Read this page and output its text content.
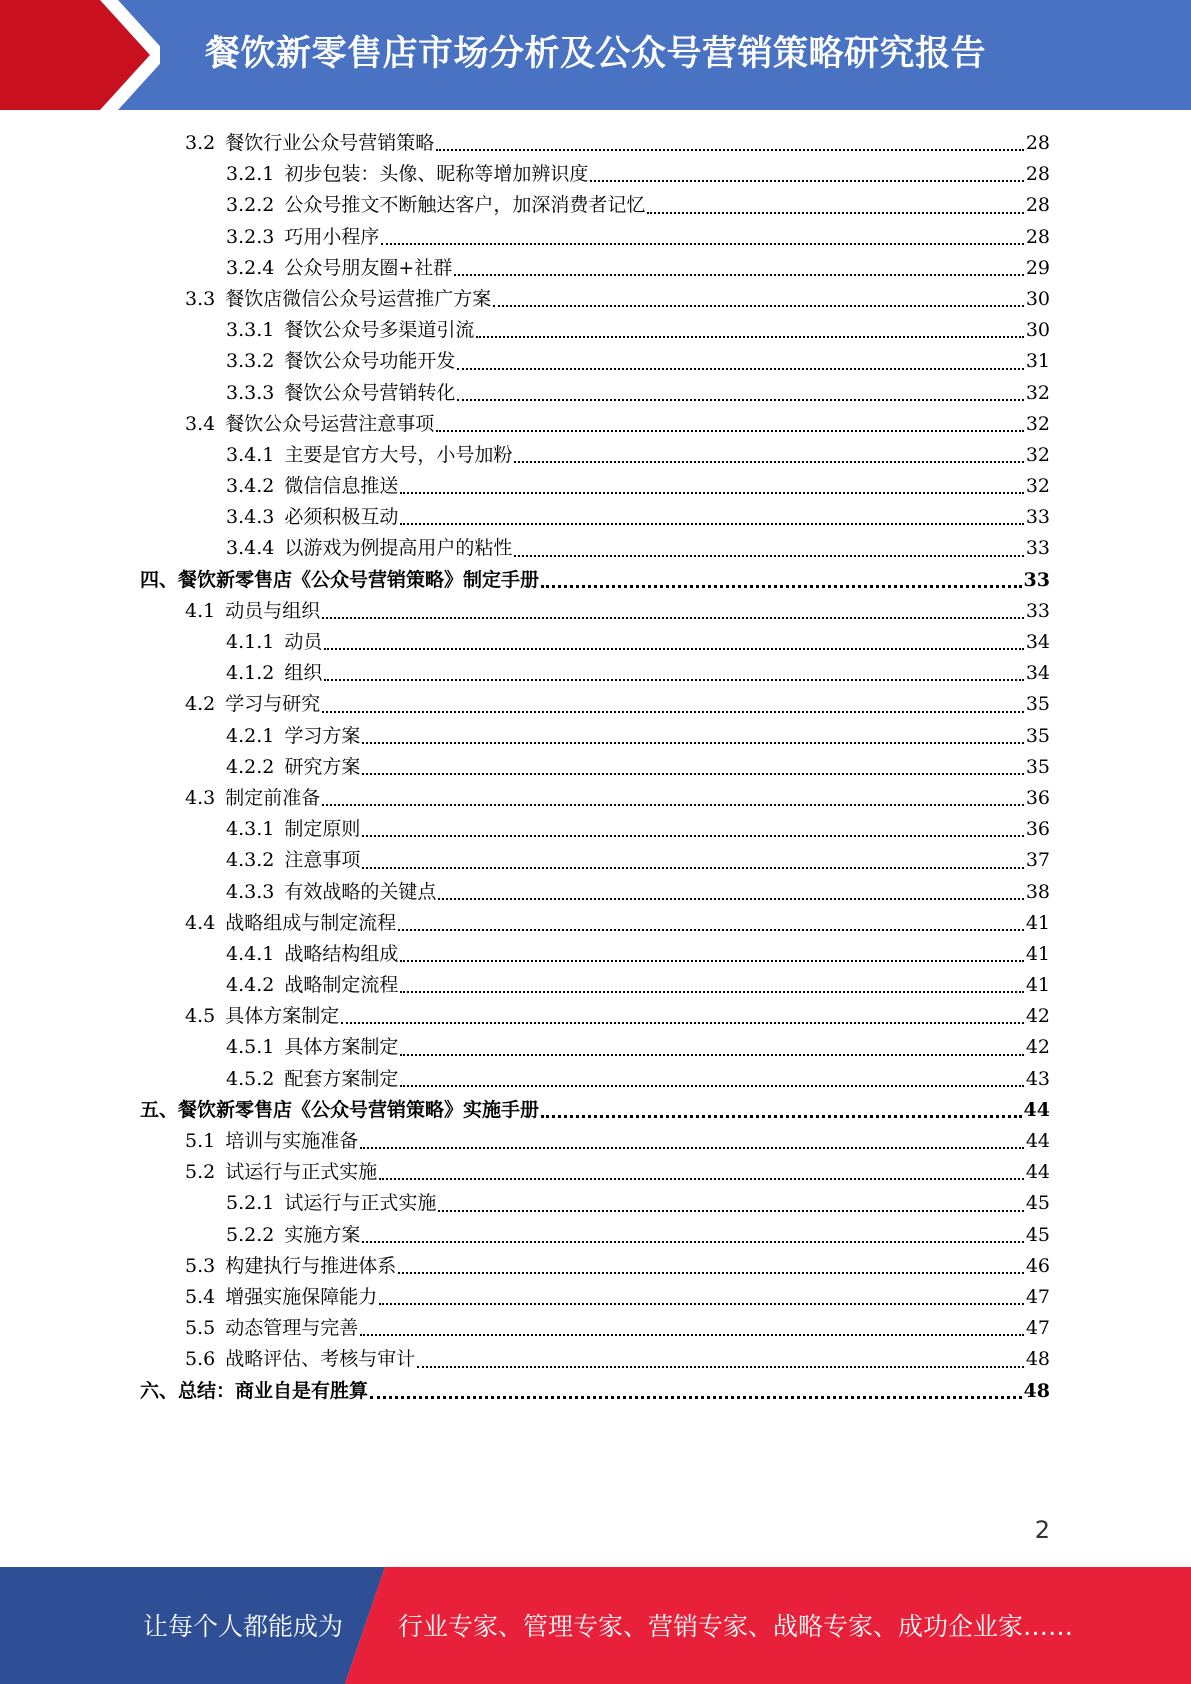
餐饮新零售店市场分析及公众号营销策略研究报告
3.2 餐饮行业公众号营销策略	28
3.2.1 初步包装：头像、昵称等增加辨识度	28
3.2.2 公众号推文不断触达客户，加深消费者记忆	28
3.2.3 巧用小程序	28
3.2.4 公众号朋友圈+社群	29
3.3 餐饮店微信公众号运营推广方案	30
3.3.1 餐饮公众号多渠道引流	30
3.3.2 餐饮公众号功能开发	31
3.3.3 餐饮公众号营销转化	32
3.4 餐饮公众号运营注意事项	32
3.4.1 主要是官方大号，小号加粉	32
3.4.2 微信信息推送	32
3.4.3 必须积极互动	33
3.4.4 以游戏为例提高用户的粘性	33
四、 餐饮新零售店《公众号营销策略》制定手册	33
4.1 动员与组织	33
4.1.1 动员	34
4.1.2 组织	34
4.2 学习与研究	35
4.2.1 学习方案	35
4.2.2 研究方案	35
4.3 制定前准备	36
4.3.1 制定原则	36
4.3.2 注意事项	37
4.3.3 有效战略的关键点	38
4.4 战略组成与制定流程	41
4.4.1 战略结构组成	41
4.4.2 战略制定流程	41
4.5 具体方案制定	42
4.5.1 具体方案制定	42
4.5.2 配套方案制定	43
五、 餐饮新零售店《公众号营销策略》实施手册	44
5.1 培训与实施准备	44
5.2 试运行与正式实施	44
5.2.1 试运行与正式实施	45
5.2.2 实施方案	45
5.3 构建执行与推进体系	46
5.4 增强实施保障能力	47
5.5 动态管理与完善	47
5.6 战略评估、考核与审计	48
六、 总结：商业自是有胜算	48
2
让每个人都能成为 行业专家、管理专家、营销专家、战略专家、成功企业家……
